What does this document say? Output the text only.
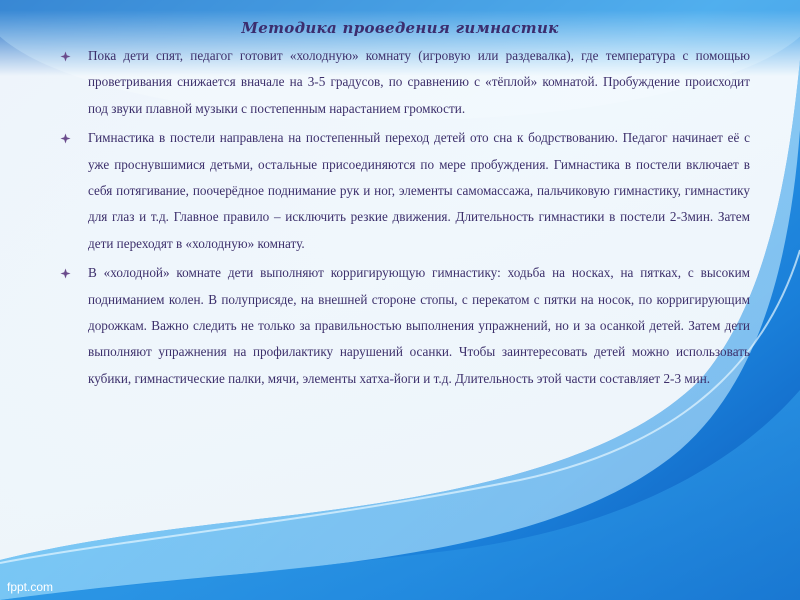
Методика проведения гимнастик
Пока дети спят, педагог готовит «холодную» комнату (игровую или раздевалка), где температура с помощью проветривания снижается вначале на 3-5 градусов, по сравнению с «тёплой» комнатой. Пробуждение происходит под звуки плавной музыки с постепенным нарастанием громкости.
Гимнастика в постели направлена на постепенный переход детей ото сна к бодрствованию. Педагог начинает её с уже проснувшимися детьми, остальные присоединяются по мере пробуждения. Гимнастика в постели включает в себя потягивание, поочерёдное поднимание рук и ног, элементы самомассажа, пальчиковую гимнастику, гимнастику для глаз и т.д. Главное правило – исключить резкие движения. Длительность гимнастики в постели 2-3мин. Затем дети переходят в «холодную» комнату.
В «холодной» комнате дети выполняют корригирующую гимнастику: ходьба на носках, на пятках, с высоким подниманием колен. В полуприсяде, на внешней стороне стопы, с перекатом с пятки на носок, по корригирующим дорожкам. Важно следить не только за правильностью выполнения упражнений, но и за осанкой детей. Затем дети выполняют упражнения на профилактику нарушений осанки. Чтобы заинтересовать детей можно использовать кубики, гимнастические палки, мячи, элементы хатха-йоги и т.д. Длительность этой части составляет 2-3 мин.
fppt.com
